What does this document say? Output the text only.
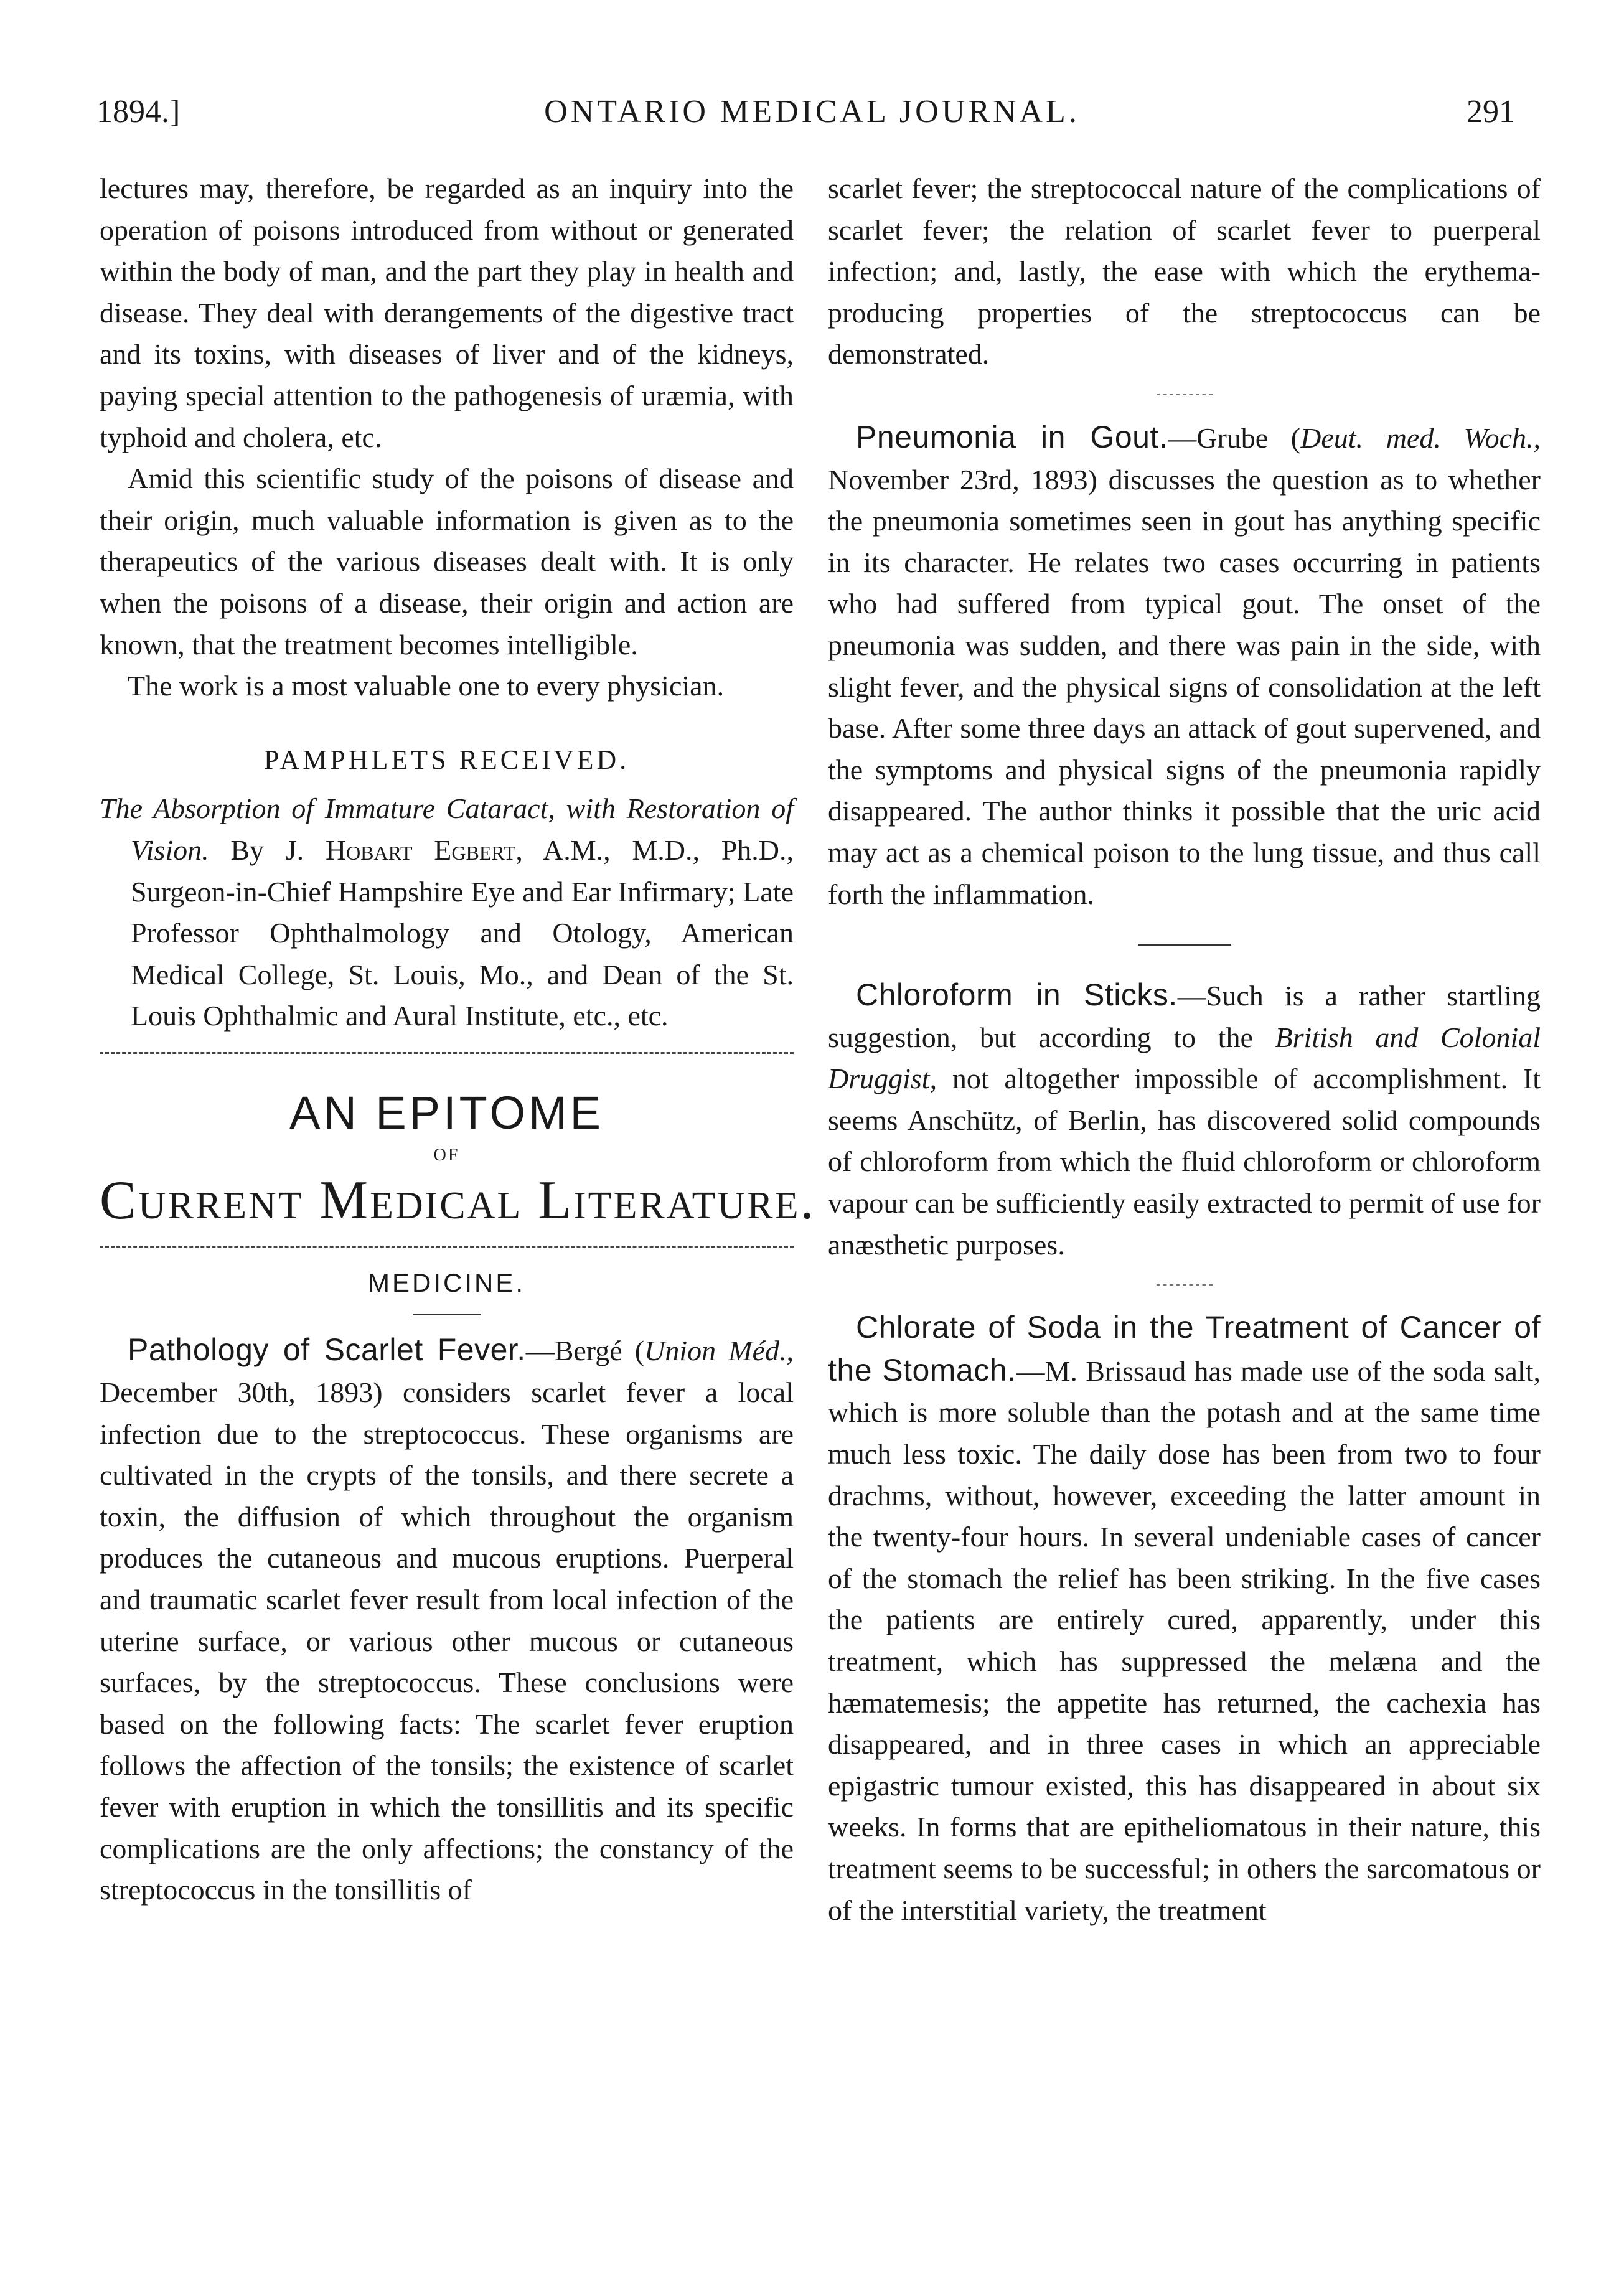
1894.]	ONTARIO MEDICAL JOURNAL.	291

lectures may, therefore, be regarded as an inquiry into the operation of poisons introduced from without or generated within the body of man, and the part they play in health and disease. They deal with derangements of the digestive tract and its toxins, with diseases of liver and of the kidneys, paying special attention to the pathogenesis of uræmia, with typhoid and cholera, etc.

Amid this scientific study of the poisons of disease and their origin, much valuable information is given as to the therapeutics of the various diseases dealt with. It is only when the poisons of a disease, their origin and action are known, that the treatment becomes intelligible.

The work is a most valuable one to every physician.

PAMPHLETS RECEIVED.

The Absorption of Immature Cataract, with Restoration of Vision. By J. Hobart Egbert, A.M., M.D., Ph.D., Surgeon-in-Chief Hampshire Eye and Ear Infirmary; Late Professor Ophthalmology and Otology, American Medical College, St. Louis, Mo., and Dean of the St. Louis Ophthalmic and Aural Institute, etc., etc.

AN EPITOME
OF
Current Medical Literature.
MEDICINE.

Pathology of Scarlet Fever.—Bergé (Union Méd., December 30th, 1893) considers scarlet fever a local infection due to the streptococcus. These organisms are cultivated in the crypts of the tonsils, and there secrete a toxin, the diffusion of which throughout the organism produces the cutaneous and mucous eruptions. Puerperal and traumatic scarlet fever result from local infection of the uterine surface, or various other mucous or cutaneous surfaces, by the streptococcus. These conclusions were based on the following facts: The scarlet fever eruption follows the affection of the tonsils; the existence of scarlet fever with eruption in which the tonsillitis and its specific complications are the only affections; the constancy of the streptococcus in the tonsillitis of

scarlet fever; the streptococcal nature of the complications of scarlet fever; the relation of scarlet fever to puerperal infection; and, lastly, the ease with which the erythema-producing properties of the streptococcus can be demonstrated.

Pneumonia in Gout.—Grube (Deut. med. Woch., November 23rd, 1893) discusses the question as to whether the pneumonia sometimes seen in gout has anything specific in its character. He relates two cases occurring in patients who had suffered from typical gout. The onset of the pneumonia was sudden, and there was pain in the side, with slight fever, and the physical signs of consolidation at the left base. After some three days an attack of gout supervened, and the symptoms and physical signs of the pneumonia rapidly disappeared. The author thinks it possible that the uric acid may act as a chemical poison to the lung tissue, and thus call forth the inflammation.

Chloroform in Sticks.—Such is a rather startling suggestion, but according to the British and Colonial Druggist, not altogether impossible of accomplishment. It seems Anschütz, of Berlin, has discovered solid compounds of chloroform from which the fluid chloroform or chloroform vapour can be sufficiently easily extracted to permit of use for anæsthetic purposes.

Chlorate of Soda in the Treatment of Cancer of the Stomach.—M. Brissaud has made use of the soda salt, which is more soluble than the potash and at the same time much less toxic. The daily dose has been from two to four drachms, without, however, exceeding the latter amount in the twenty-four hours. In several undeniable cases of cancer of the stomach the relief has been striking. In the five cases the patients are entirely cured, apparently, under this treatment, which has suppressed the melæna and the hæmatemesis; the appetite has returned, the cachexia has disappeared, and in three cases in which an appreciable epigastric tumour existed, this has disappeared in about six weeks. In forms that are epitheliomatous in their nature, this treatment seems to be successful; in others the sarcomatous or of the interstitial variety, the treatment
